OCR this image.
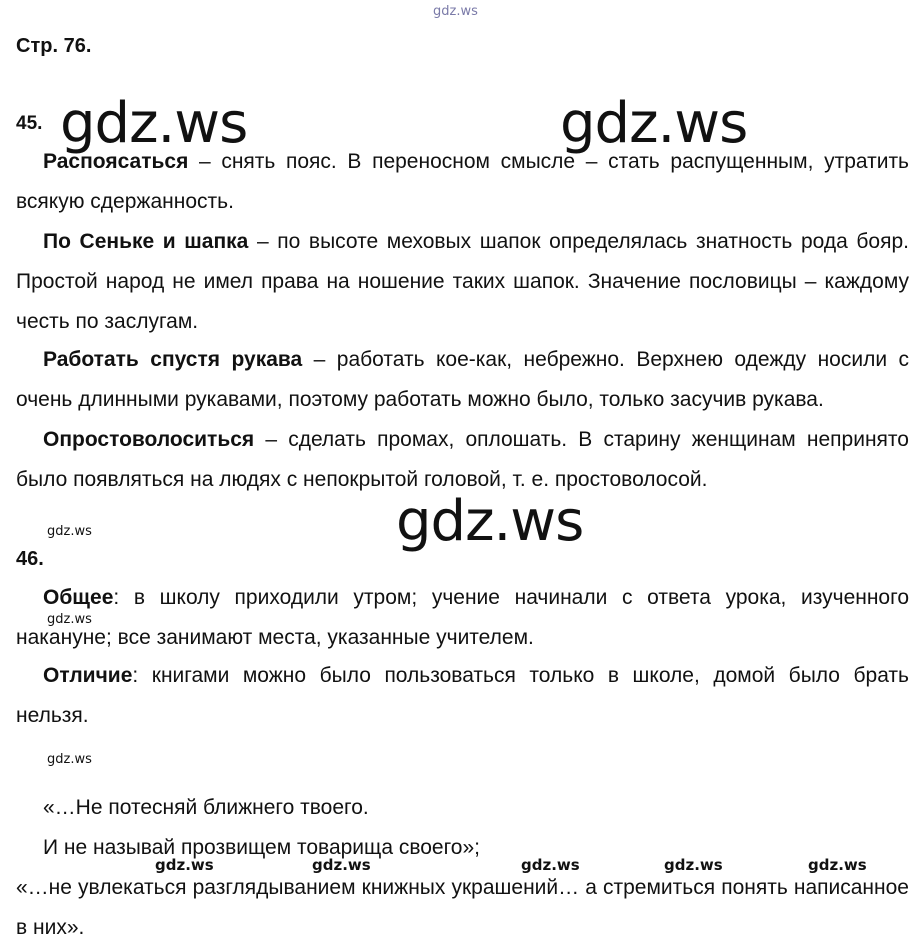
gdz.ws
Стр. 76.
45. gdz.ws	gdz.ws
Распоясаться – снять пояс. В переносном смысле – стать распущенным, утратить всякую сдержанность.
По Сеньке и шапка – по высоте меховых шапок определялась знатность рода бояр. Простой народ не имел права на ношение таких шапок. Значение пословицы – каждому честь по заслугам.
Работать спустя рукава – работать кое-как, небрежно. Верхнею одежду носили с очень длинными рукавами, поэтому работать можно было, только засучив рукава.
Опростоволоситься – сделать промах, оплошать. В старину женщинам непринято было появляться на людях с непокрытой головой, т. е. простоволосой.
gdz.ws	gdz.ws
46.
Общее: в школу приходили утром; учение начинали с ответа урока, изученного накануне; все занимают места, указанные учителем.
gdz.ws
Отличие: книгами можно было пользоваться только в школе, домой было брать нельзя.
gdz.ws
«…Не потесняй ближнего твоего.
И не называй прозвищем товарища своего»;
gdz.ws	gdz.ws	gdz.ws	gdz.ws	gdz.ws
«…не увлекаться разглядыванием книжных украшений… а стремиться понять написанное в них».
